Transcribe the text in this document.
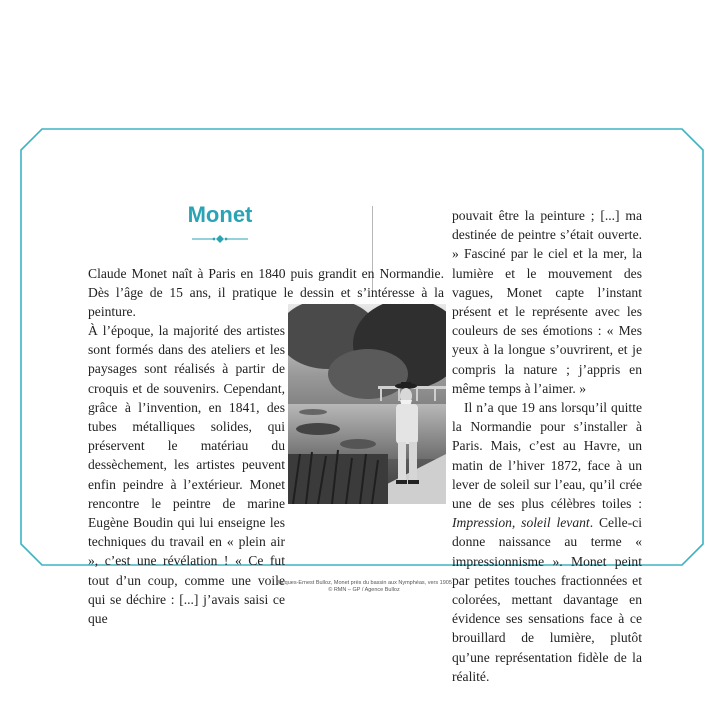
Monet

Claude Monet naît à Paris en 1840 puis grandit en Normandie. Dès l’âge de 15 ans, il pratique le dessin et s’intéresse à la peinture.

À l’époque, la majorité des artistes sont formés dans des ateliers et les paysages sont réalisés à partir de croquis et de souvenirs. Cependant, grâce à l’invention, en 1841, des tubes métalliques solides, qui préservent le matériau du dessèchement, les artistes peuvent enfin peindre à l’extérieur. Monet rencontre le peintre de marine Eugène Boudin qui lui enseigne les techniques du travail en « plein air », c’est une révélation ! « Ce fut tout d’un coup, comme une voile qui se déchire : [...] j’avais saisi ce que

pouvait être la peinture ; [...] ma destinée de peintre s’était ouverte. » Fasciné par le ciel et la mer, la lumière et le mouvement des vagues, Monet capte l’instant présent et le représente avec les couleurs de ses émotions : « Mes yeux à la longue s’ouvrirent, et je compris la nature ; j’appris en même temps à l’aimer. »
Il n’a que 19 ans lorsqu’il quitte la Normandie pour s’installer à Paris. Mais, c’est au Havre, un matin de l’hiver 1872, face à un lever de soleil sur l’eau, qu’il crée une de ses plus célèbres toiles : Impression, soleil levant. Celle-ci donne naissance au terme « impressionnisme ». Monet peint par petites touches fractionnées et colorées, mettant davantage en évidence ses sensations face à ce brouillard de lumière, plutôt qu’une représentation fidèle de la réalité.

Jacques-Ernest Bulloz, Monet près du bassin aux Nymphéas, vers 1905

© RMN – GP / Agence Bulloz
